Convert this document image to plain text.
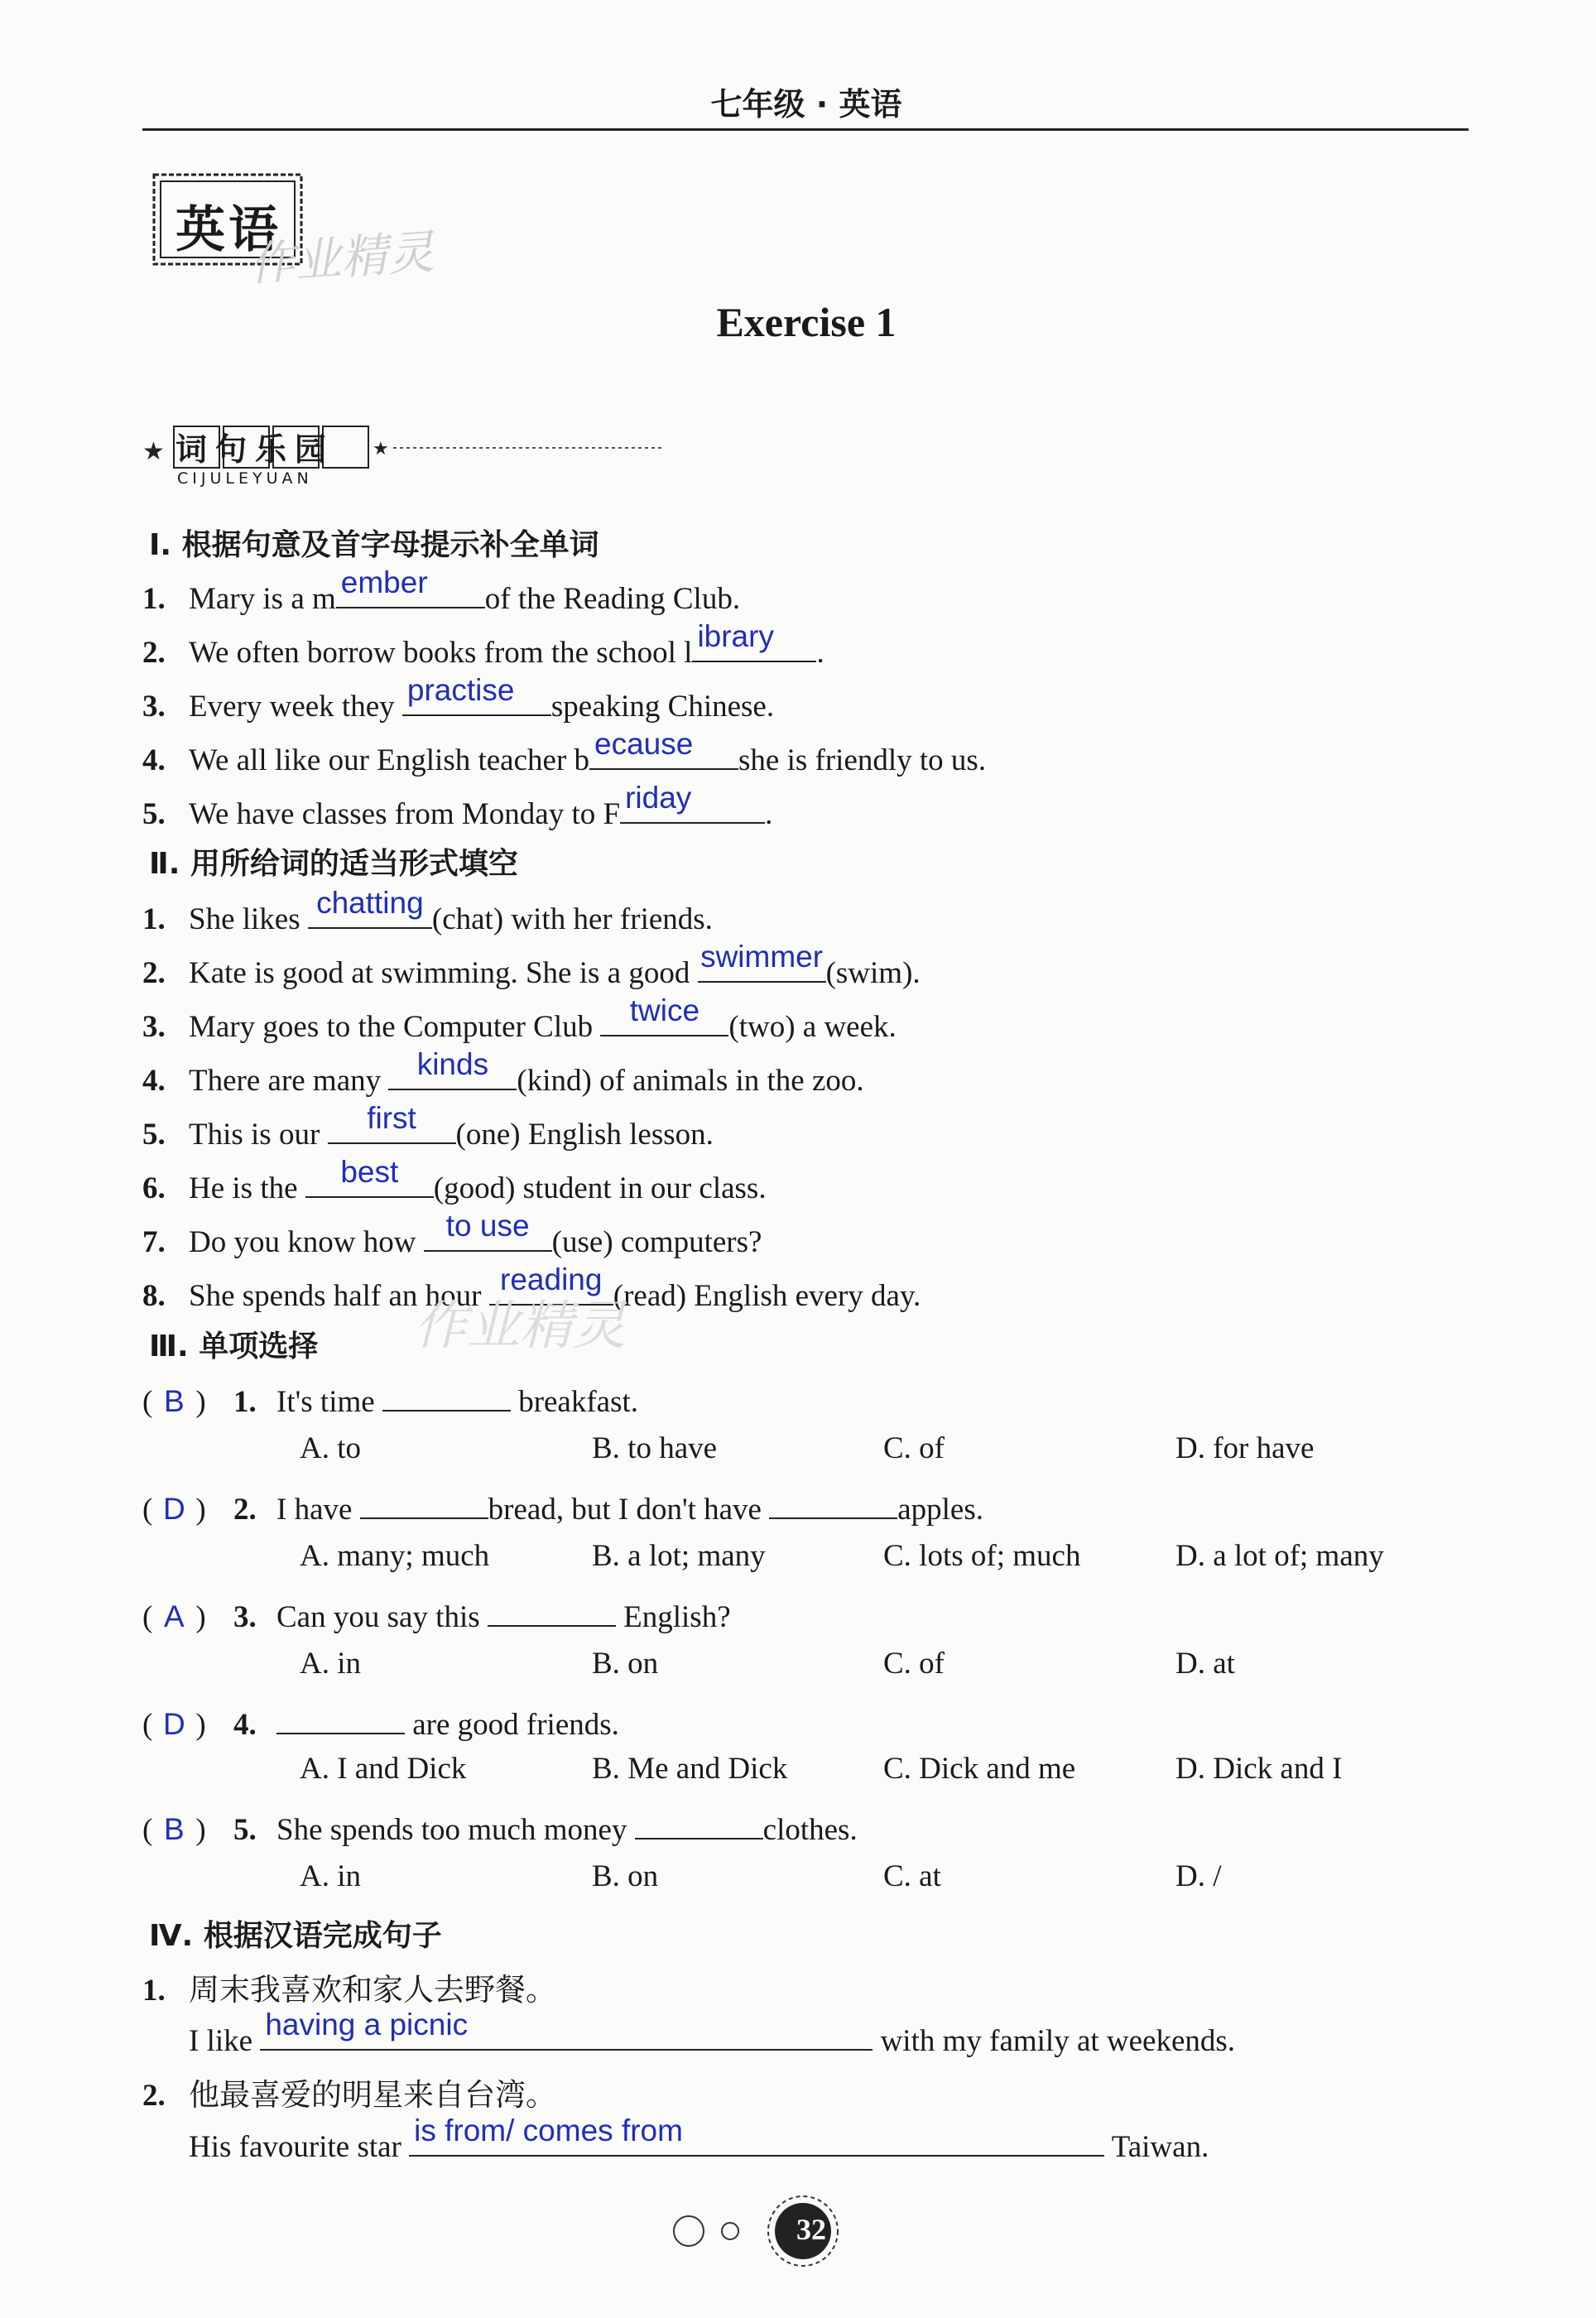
七年级 · 英语
英语
作业精灵
Exercise 1
★	★
词句乐园
CIJULEYUAN
Ⅰ. 根据句意及首字母提示补全单词
1. Mary is a m ember	of the Reading Club.
2. We often borrow books from the school l ibrary	.
3. Every week they practise	speaking Chinese.
4. We all like our English teacher b ecause	she is friendly to us.
5. We have classes from Monday to F riday	.
Ⅱ. 用所给词的适当形式填空
1. She likes chatting (chat) with her friends.
2. Kate is good at swimming. She is a good swimmer (swim).
3. Mary goes to the Computer Club twice (two) a week.
4. There are many kinds (kind) of animals in the zoo.
5. This is our	first	(one) English lesson.
6. He is the	best	(good) student in our class.
7. Do you know how to use (use) computers?
8. She spends half an hour reading (read) English every day.
作业精灵
Ⅲ. 单项选择
( B ) 1. It's time	breakfast.
A. to	B. to have	C. of	D. for have
( D ) 2. I have	bread, but I don't have	apples.
A. many; much	B. a lot; many	C. lots of; much	D. a lot of; many
( A ) 3. Can you say this	English?
A. in	B. on	C. of	D. at
( D ) 4.	are good friends.
A. I and Dick	B. Me and Dick	C. Dick and me	D. Dick and I
( B ) 5. She spends too much money	clothes.
A. in	B. on	C. at	D. /
Ⅳ. 根据汉语完成句子
1. 周末我喜欢和家人去野餐。
I like having a picnic	with my family at weekends.
2. 他最喜爱的明星来自台湾。
His favourite star is from/ comes from	Taiwan.
32
